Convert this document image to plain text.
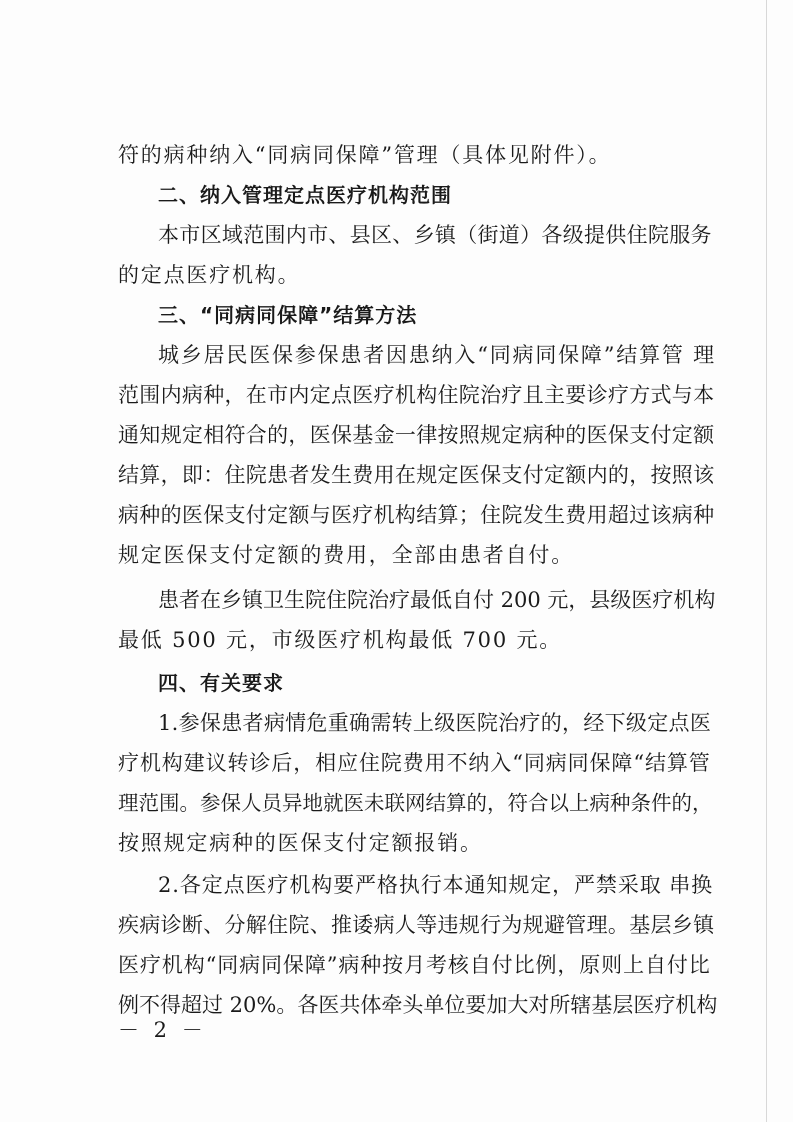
符的病种纳入“同病同保障”管理（具体见附件）。
二、纳入管理定点医疗机构范围
本市区域范围内市、县区、乡镇（街道）各级提供住院服务
的定点医疗机构。
三、“同病同保障”结算方法
城乡居民医保参保患者因患纳入“同病同保障”结算管 理
范围内病种，在市内定点医疗机构住院治疗且主要诊疗方式与本
通知规定相符合的，医保基金一律按照规定病种的医保支付定额
结算，即：住院患者发生费用在规定医保支付定额内的，按照该
病种的医保支付定额与医疗机构结算；住院发生费用超过该病种
规定医保支付定额的费用，全部由患者自付。
患者在乡镇卫生院住院治疗最低自付 200 元，县级医疗机构
最低 500 元，市级医疗机构最低 700 元。
四、有关要求
1.参保患者病情危重确需转上级医院治疗的，经下级定点医
疗机构建议转诊后，相应住院费用不纳入“同病同保障“结算管
理范围。参保人员异地就医未联网结算的，符合以上病种条件的，
按照规定病种的医保支付定额报销。
2.各定点医疗机构要严格执行本通知规定，严禁采取 串换
疾病诊断、分解住院、推诿病人等违规行为规避管理。基层乡镇
医疗机构“同病同保障”病种按月考核自付比例，原则上自付比
例不得超过 20%。各医共体牵头单位要加大对所辖基层医疗机构
－ 2 －
